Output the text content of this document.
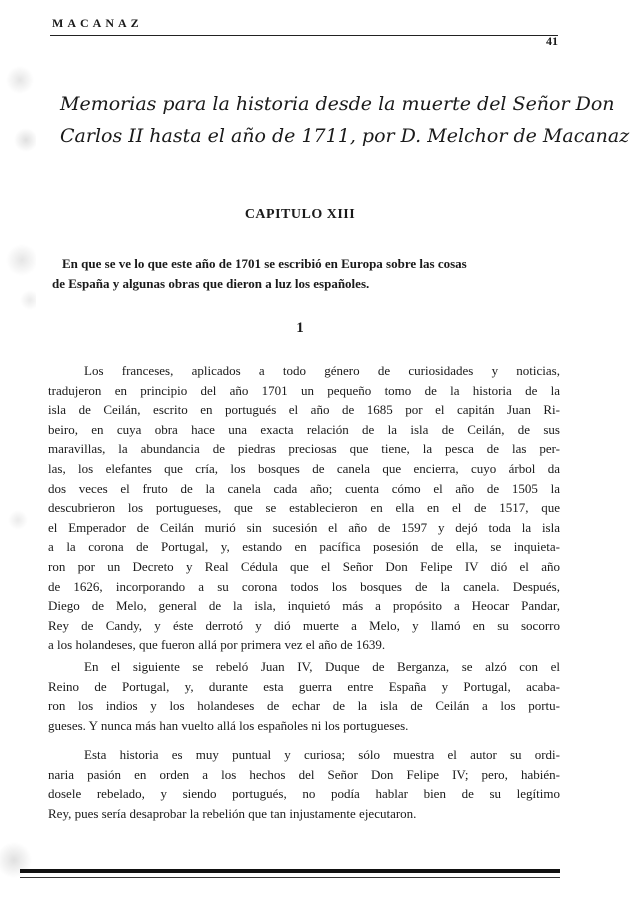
MACANAZ
41
Memorias para la historia desde la muerte del Señor Don
Carlos II hasta el año de 1711, por D. Melchor de Macanaz
CAPITULO XIII
En que se ve lo que este año de 1701 se escribió en Europa sobre las cosas
de España y algunas obras que dieron a luz los españoles.
1
Los franceses, aplicados a todo género de curiosidades y noticias,
tradujeron en principio del año 1701 un pequeño tomo de la historia de la
isla de Ceilán, escrito en portugués el año de 1685 por el capitán Juan Ri-
beiro, en cuya obra hace una exacta relación de la isla de Ceilán, de sus
maravillas, la abundancia de piedras preciosas que tiene, la pesca de las per-
las, los elefantes que cría, los bosques de canela que encierra, cuyo árbol da
dos veces el fruto de la canela cada año; cuenta cómo el año de 1505 la
descubrieron los portugueses, que se establecieron en ella en el de 1517, que
el Emperador de Ceilán murió sin sucesión el año de 1597 y dejó toda la isla
a la corona de Portugal, y, estando en pacífica posesión de ella, se inquieta-
ron por un Decreto y Real Cédula que el Señor Don Felipe IV dió el año
de 1626, incorporando a su corona todos los bosques de la canela. Después,
Diego de Melo, general de la isla, inquietó más a propósito a Heocar Pandar,
Rey de Candy, y éste derrotó y dió muerte a Melo, y llamó en su socorro
a los holandeses, que fueron allá por primera vez el año de 1639.
En el siguiente se rebeló Juan IV, Duque de Berganza, se alzó con el
Reino de Portugal, y, durante esta guerra entre España y Portugal, acaba-
ron los indios y los holandeses de echar de la isla de Ceilán a los portu-
gueses. Y nunca más han vuelto allá los españoles ni los portugueses.
Esta historia es muy puntual y curiosa; sólo muestra el autor su ordi-
naria pasión en orden a los hechos del Señor Don Felipe IV; pero, habién-
dosele rebelado, y siendo portugués, no podía hablar bien de su legítimo
Rey, pues sería desaprobar la rebelión que tan injustamente ejecutaron.
